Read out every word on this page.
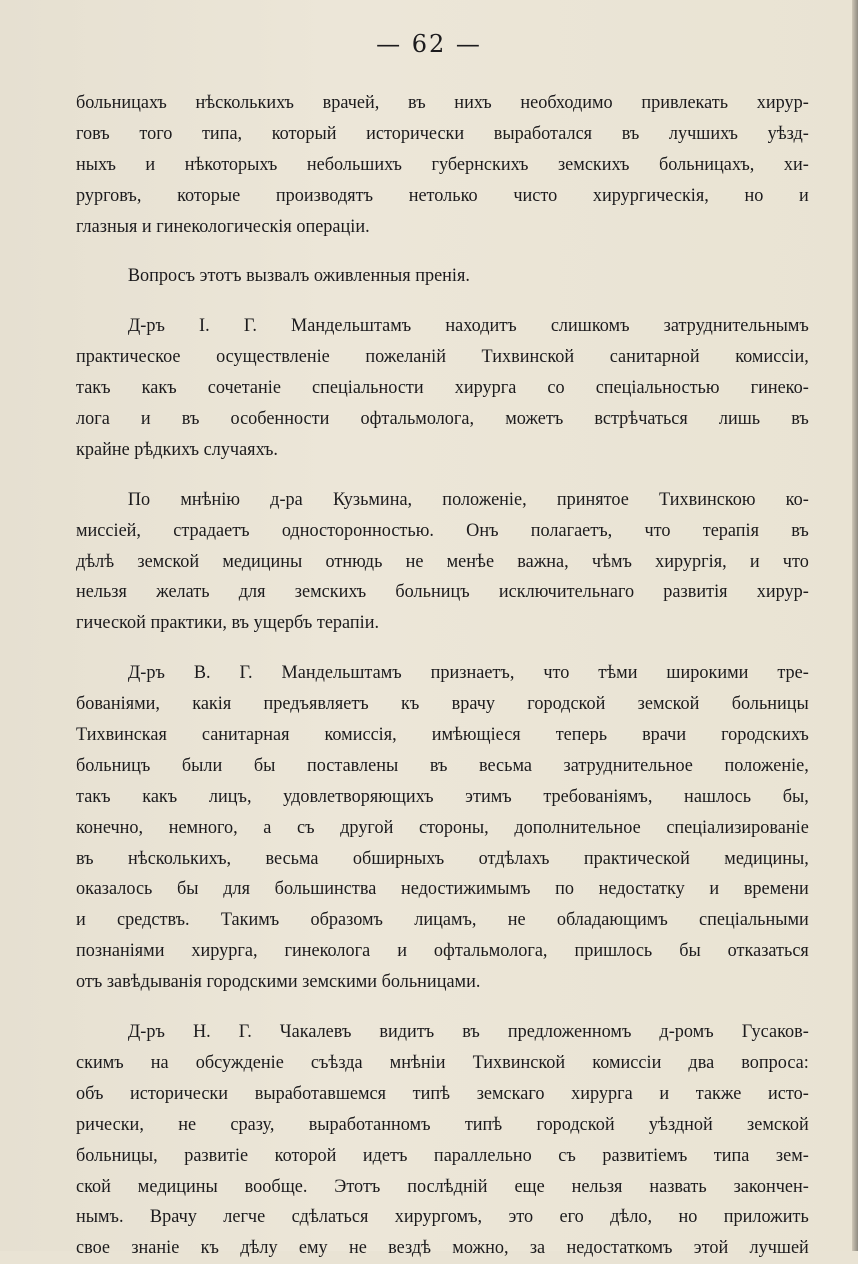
— 62 —
больницахъ нѣсколькихъ врачей, въ нихъ необходимо привлекать хирур-
говъ того типа, который исторически выработался въ лучшихъ уѣзд-
ныхъ и нѣкоторыхъ небольшихъ губернскихъ земскихъ больницахъ, хи-
рурговъ, которые производятъ нетолько чисто хирургическія, но и
глазныя и гинекологическія операціи.
Вопросъ этотъ вызвалъ оживленныя пренія.
Д-ръ І. Г. Мандельштамъ находитъ слишкомъ затруднительнымъ
практическое осуществленіе пожеланій Тихвинской санитарной комиссіи,
такъ какъ сочетаніе спеціальности хирурга со спеціальностью гинеко-
лога и въ особенности офтальмолога, можетъ встрѣчаться лишь въ
крайне рѣдкихъ случаяхъ.
По мнѣнію д-ра Кузьмина, положеніе, принятое Тихвинскою ко-
миссіей, страдаетъ односторонностью. Онъ полагаетъ, что терапія въ
дѣлѣ земской медицины отнюдь не менѣе важна, чѣмъ хирургія, и что
нельзя желать для земскихъ больницъ исключительнаго развитія хирур-
гической практики, въ ущербъ терапіи.
Д-ръ В. Г. Мандельштамъ признаетъ, что тѣми широкими тре-
бованіями, какія предъявляетъ къ врачу городской земской больницы
Тихвинская санитарная комиссія, имѣющіеся теперь врачи городскихъ
больницъ были бы поставлены въ весьма затруднительное положеніе,
такъ какъ лицъ, удовлетворяющихъ этимъ требованіямъ, нашлось бы,
конечно, немного, а съ другой стороны, дополнительное спеціализированіе
въ нѣсколькихъ, весьма обширныхъ отдѣлахъ практической медицины,
оказалось бы для большинства недостижимымъ по недостатку и времени
и средствъ. Такимъ образомъ лицамъ, не обладающимъ спеціальными
познаніями хирурга, гинеколога и офтальмолога, пришлось бы отказаться
отъ завѣдыванія городскими земскими больницами.
Д-ръ Н. Г. Чакалевъ видитъ въ предложенномъ д-ромъ Гусаков-
скимъ на обсужденіе съѣзда мнѣніи Тихвинской комиссіи два вопроса:
объ исторически выработавшемся типѣ земскаго хирурга и также исто-
рически, не сразу, выработанномъ типѣ городской уѣздной земской
больницы, развитіе которой идетъ параллельно съ развитіемъ типа зем-
ской медицины вообще. Этотъ послѣдній еще нельзя назвать закончен-
нымъ. Врачу легче сдѣлаться хирургомъ, это его дѣло, но приложить
свое знаніе къ дѣлу ему не вездѣ можно, за недостаткомъ этой лучшей
